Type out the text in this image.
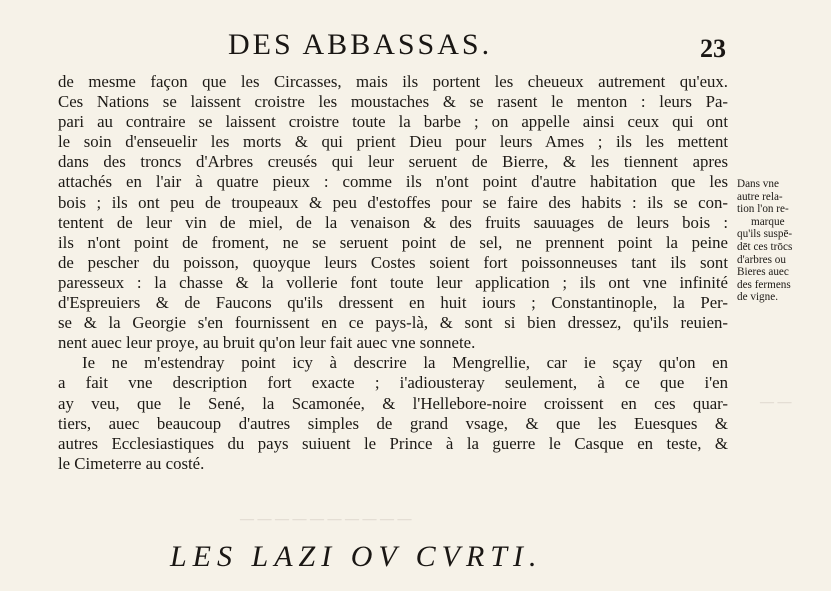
DES ABBASSAS.	23
de mesme façon que les Circasses, mais ils portent les cheueux autrement qu'eux.
Ces Nations se laissent croistre les moustaches & se rasent le menton : leurs Pa-
pari au contraire se laissent croistre toute la barbe ; on appelle ainsi ceux qui ont
le soin d'enseuelir les morts & qui prient Dieu pour leurs Ames ; ils les mettent
dans des troncs d'Arbres creusés qui leur seruent de Bierre, & les tiennent apres
attachés en l'air à quatre pieux : comme ils n'ont point d'autre habitation que les
bois ; ils ont peu de troupeaux & peu d'estoffes pour se faire des habits : ils se con-
tentent de leur vin de miel, de la venaison & des fruits sauuages de leurs bois :
ils n'ont point de froment, ne se seruent point de sel, ne prennent point la peine
de pescher du poisson, quoyque leurs Costes soient fort poissonneuses tant ils sont
paresseux : la chasse & la vollerie font toute leur application ; ils ont vne infinité
d'Espreuiers & de Faucons qu'ils dressent en huit iours ; Constantinople, la Per-
se & la Georgie s'en fournissent en ce pays-là, & sont si bien dressez, qu'ils reuien-
nent auec leur proye, au bruit qu'on leur fait auec vne sonnete.
Ie ne m'estendray point icy à descrire la Mengrellie, car ie sçay qu'on en
a fait vne description fort exacte ; i'adiousteray seulement, à ce que i'en
ay veu, que le Sené, la Scamonée, & l'Hellebore-noire croissent en ces quar-
tiers, auec beaucoup d'autres simples de grand vsage, & que les Euesques &
autres Ecclesiastiques du pays suiuent le Prince à la guerre le Casque en teste, &
le Cimeterre au costé.
Dans vne
autre rela-
tion l'on re-
marque
qu'ils suspē-
dēt ces trōcs
d'arbres ou
Bieres auec
des fermens
de vigne.
— — — — — — — — — —
— —
LES LAZI OV CVRTI.
